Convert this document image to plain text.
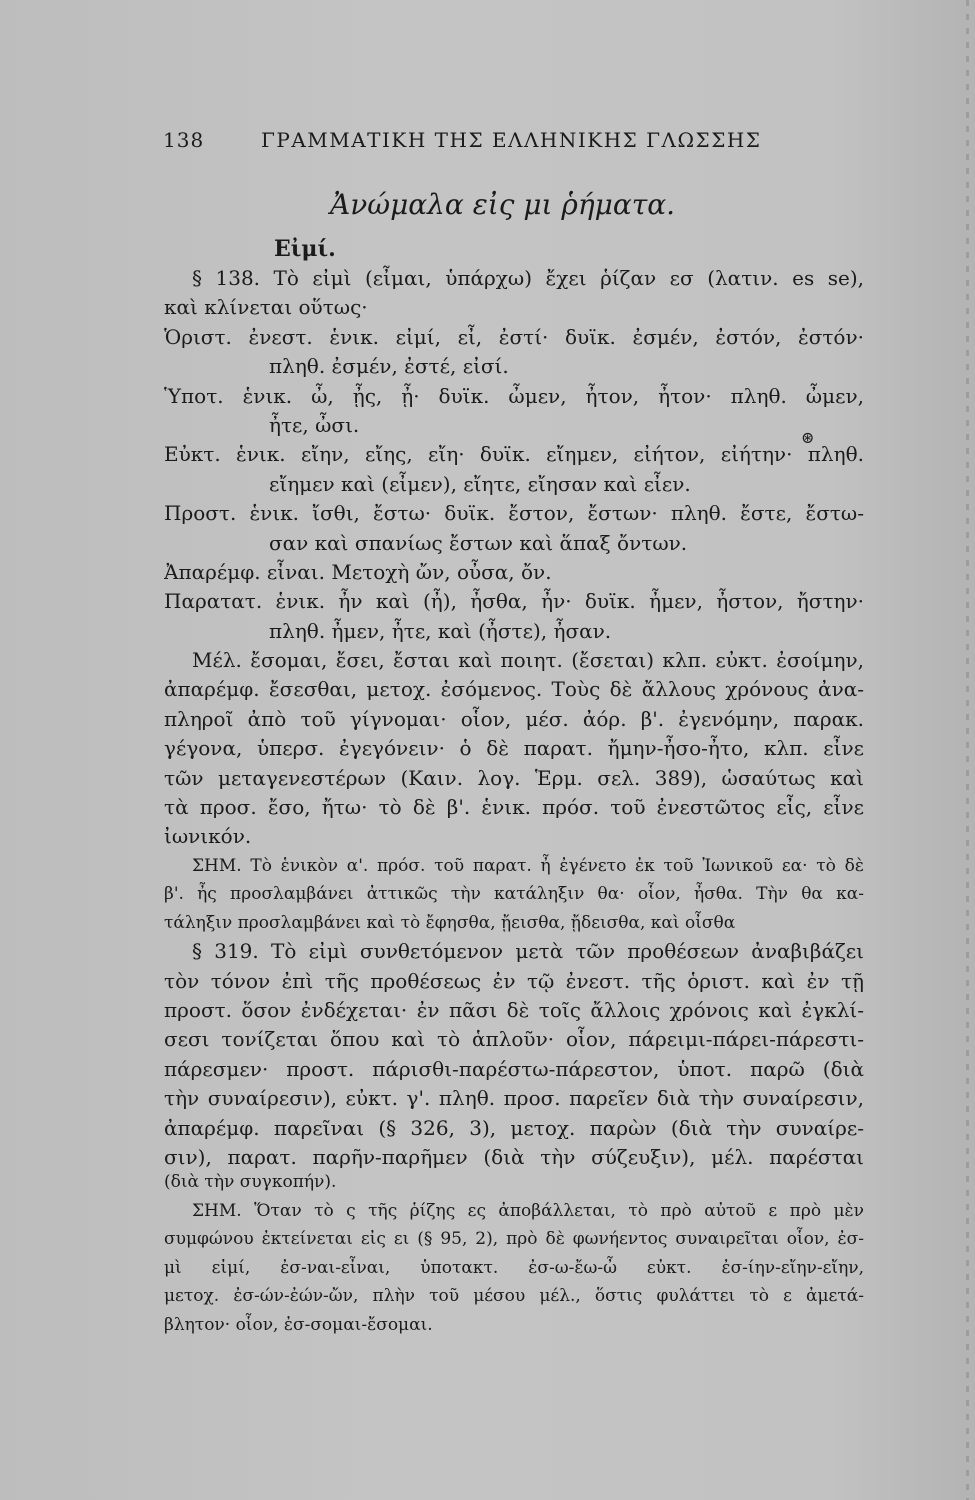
138	ΓΡΑΜΜΑΤΙΚΗ ΤΗΣ ΕΛΛΗΝΙΚΗΣ ΓΛΩΣΣΗΣ
Ἀνώμαλα εἰς μι ῥήματα.
Εἰμί.
⊛
§ 138. Τὸ εἰμὶ (εἶμαι, ὑπάρχω) ἔχει ῥίζαν εσ (λατιν. es se),
καὶ κλίνεται οὕτως·
Ὁριστ. ἐνεστ. ἑνικ. εἰμί, εἶ, ἐστί· δυϊκ. ἐσμέν, ἐστόν, ἐστόν·
πληθ. ἐσμέν, ἐστέ, εἰσί.
Ὑποτ. ἑνικ. ὦ, ᾖς, ᾖ· δυϊκ. ὦμεν, ἦτον, ἦτον· πληθ. ὦμεν,
ἦτε, ὦσι.
Εὐκτ. ἑνικ. εἴην, εἴης, εἴη· δυϊκ. εἴημεν, εἰήτον, εἰήτην· πληθ.
εἴημεν καὶ (εἶμεν), εἴητε, εἴησαν καὶ εἶεν.
Προστ. ἑνικ. ἴσθι, ἔστω· δυϊκ. ἔστον, ἔστων· πληθ. ἔστε, ἔστω-
σαν καὶ σπανίως ἔστων καὶ ἅπαξ ὄντων.
Ἀπαρέμφ. εἶναι. Μετοχὴ ὤν, οὖσα, ὄν.
Παρατατ. ἑνικ. ἦν καὶ (ἦ), ἦσθα, ἦν· δυϊκ. ἦμεν, ἦστον, ἤστην·
πληθ. ἦμεν, ἦτε, καὶ (ἦστε), ἦσαν.
Μέλ. ἔσομαι, ἔσει, ἔσται καὶ ποιητ. (ἔσεται) κλπ. εὐκτ. ἐσοίμην,
ἀπαρέμφ. ἔσεσθαι, μετοχ. ἐσόμενος. Τοὺς δὲ ἄλλους χρόνους ἀνα-
πληροῖ ἀπὸ τοῦ γίγνομαι· οἷον, μέσ. ἀόρ. β'. ἐγενόμην, παρακ.
γέγονα, ὑπερσ. ἐγεγόνειν· ὁ δὲ παρατ. ἤμην-ἦσο-ἦτο, κλπ. εἶνε
τῶν μεταγενεστέρων (Καιν. λογ. Ἑρμ. σελ. 389), ὡσαύτως καὶ
τὰ προσ. ἔσο, ἤτω· τὸ δὲ β'. ἑνικ. πρόσ. τοῦ ἐνεστῶτος εἶς, εἶνε
ἰωνικόν.
ΣΗΜ. Τὸ ἑνικὸν α'. πρόσ. τοῦ παρατ. ἦ ἐγένετο ἐκ τοῦ Ἰωνικοῦ εα· τὸ δὲ
β'. ἦς προσλαμβάνει ἀττικῶς τὴν κατάληξιν θα· οἷον, ἦσθα. Τὴν θα κα-
τάληξιν προσλαμβάνει καὶ τὸ ἔφησθα, ᾔεισθα, ᾔδεισθα, καὶ οἶσθα
§ 319. Τὸ εἰμὶ συνθετόμενον μετὰ τῶν προθέσεων ἀναβιβάζει
τὸν τόνον ἐπὶ τῆς προθέσεως ἐν τῷ ἐνεστ. τῆς ὁριστ. καὶ ἐν τῇ
προστ. ὅσον ἐνδέχεται· ἐν πᾶσι δὲ τοῖς ἄλλοις χρόνοις καὶ ἐγκλί-
σεσι τονίζεται ὅπου καὶ τὸ ἁπλοῦν· οἷον, πάρειμι-πάρει-πάρεστι-
πάρεσμεν· προστ. πάρισθι-παρέστω-πάρεστον, ὑποτ. παρῶ (διὰ
τὴν συναίρεσιν), εὐκτ. γ'. πληθ. προσ. παρεῖεν διὰ τὴν συναίρεσιν,
ἀπαρέμφ. παρεῖναι (§ 326, 3), μετοχ. παρὼν (διὰ τὴν συναίρε-
σιν), παρατ. παρῆν-παρῆμεν (διὰ τὴν σύζευξιν), μέλ. παρέσται
(διὰ τὴν συγκοπήν).
ΣΗΜ. Ὅταν τὸ ς τῆς ῥίζης ες ἀποβάλλεται, τὸ πρὸ αὐτοῦ ε πρὸ μὲν
συμφώνου ἐκτείνεται εἰς ει (§ 95, 2), πρὸ δὲ φωνήεντος συναιρεῖται οἷον, ἐσ-
μὶ εἰμί, ἐσ-ναι-εἶναι, ὑποτακτ. ἐσ-ω-ἔω-ὦ εὐκτ. ἐσ-ίην-εἴην-εἴην,
μετοχ. ἐσ-ών-ἐών-ὤν, πλὴν τοῦ μέσου μέλ., ὅστις φυλάττει τὸ ε ἀμετά-
βλητον· οἷον, ἐσ-σομαι-ἔσομαι.
